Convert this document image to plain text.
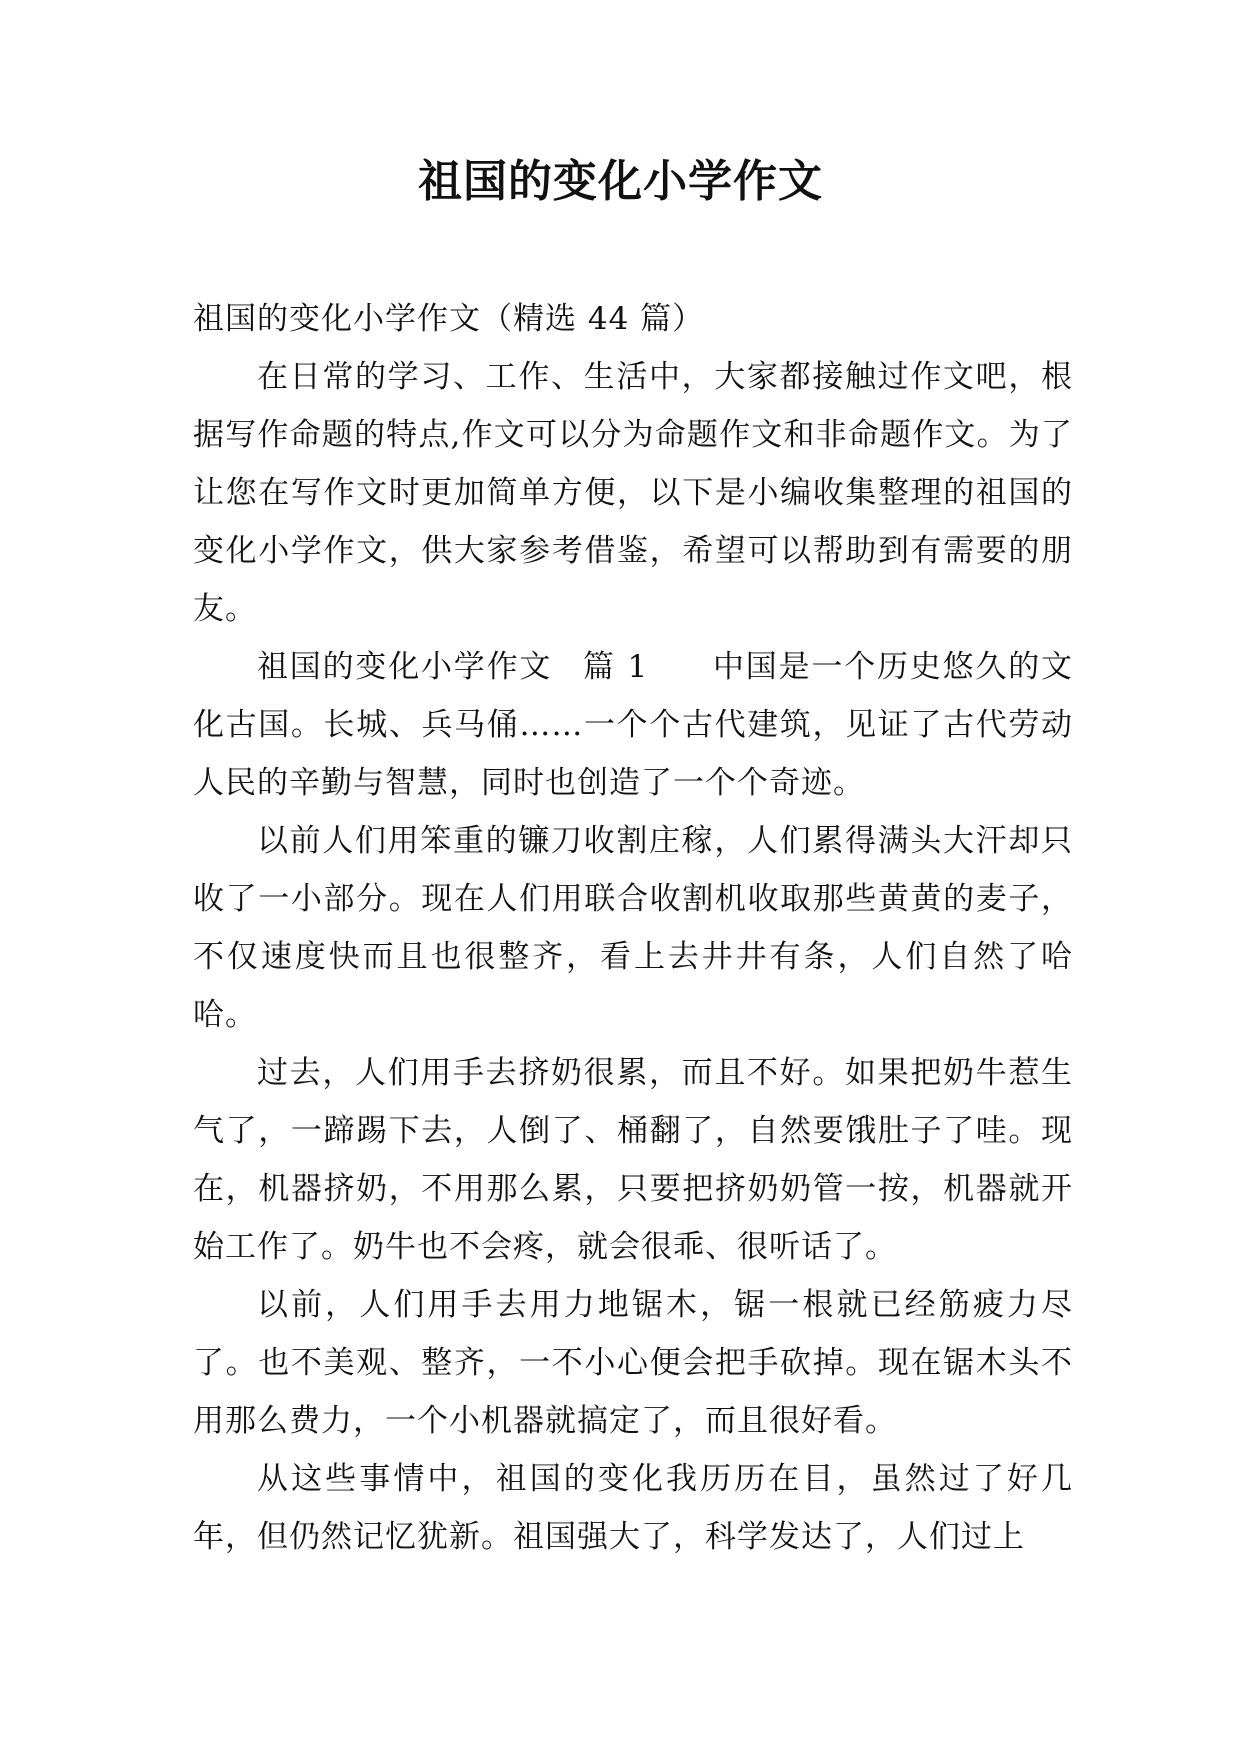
祖国的变化小学作文

祖国的变化小学作文（精选 44 篇）

在日常的学习、工作、生活中，大家都接触过作文吧，根据写作命题的特点,作文可以分为命题作文和非命题作文。为了让您在写作文时更加简单方便，以下是小编收集整理的祖国的变化小学作文，供大家参考借鉴，希望可以帮助到有需要的朋友。

祖国的变化小学作文 篇 1 中国是一个历史悠久的文化古国。长城、兵马俑……一个个古代建筑，见证了古代劳动人民的辛勤与智慧，同时也创造了一个个奇迹。

以前人们用笨重的镰刀收割庄稼，人们累得满头大汗却只收了一小部分。现在人们用联合收割机收取那些黄黄的麦子，不仅速度快而且也很整齐，看上去井井有条，人们自然了哈哈。

过去，人们用手去挤奶很累，而且不好。如果把奶牛惹生气了，一蹄踢下去，人倒了、桶翻了，自然要饿肚子了哇。现在，机器挤奶，不用那么累，只要把挤奶奶管一按，机器就开始工作了。奶牛也不会疼，就会很乖、很听话了。

以前，人们用手去用力地锯木，锯一根就已经筋疲力尽了。也不美观、整齐，一不小心便会把手砍掉。现在锯木头不用那么费力，一个小机器就搞定了，而且很好看。

从这些事情中，祖国的变化我历历在目，虽然过了好几年，但仍然记忆犹新。祖国强大了，科学发达了，人们过上
